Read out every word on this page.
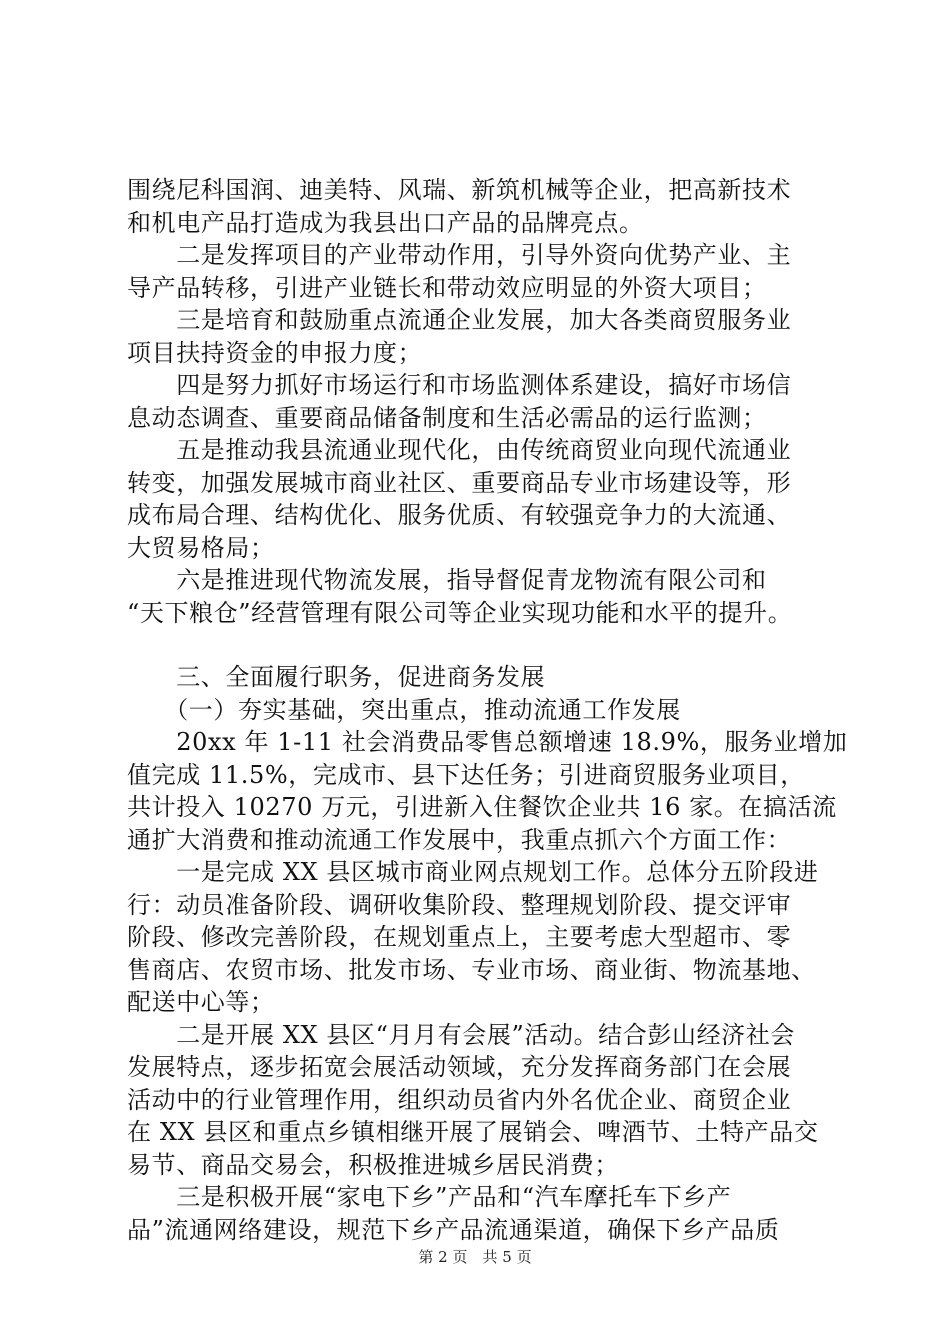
围绕尼科国润、迪美特、风瑞、新筑机械等企业，把高新技术
和机电产品打造成为我县出口产品的品牌亮点。
　　二是发挥项目的产业带动作用，引导外资向优势产业、主
导产品转移，引进产业链长和带动效应明显的外资大项目；
　　三是培育和鼓励重点流通企业发展，加大各类商贸服务业
项目扶持资金的申报力度；
　　四是努力抓好市场运行和市场监测体系建设，搞好市场信
息动态调查、重要商品储备制度和生活必需品的运行监测；
　　五是推动我县流通业现代化，由传统商贸业向现代流通业
转变，加强发展城市商业社区、重要商品专业市场建设等，形
成布局合理、结构优化、服务优质、有较强竞争力的大流通、
大贸易格局；
　　六是推进现代物流发展，指导督促青龙物流有限公司和
“天下粮仓”经营管理有限公司等企业实现功能和水平的提升。
　　三、全面履行职务，促进商务发展
　　（一）夯实基础，突出重点，推动流通工作发展
　　20xx 年 1-11 社会消费品零售总额增速 18.9%，服务业增加
值完成 11.5%，完成市、县下达任务；引进商贸服务业项目，
共计投入 10270 万元，引进新入住餐饮企业共 16 家。在搞活流
通扩大消费和推动流通工作发展中，我重点抓六个方面工作：
　　一是完成 XX 县区城市商业网点规划工作。总体分五阶段进
行：动员准备阶段、调研收集阶段、整理规划阶段、提交评审
阶段、修改完善阶段，在规划重点上，主要考虑大型超市、零
售商店、农贸市场、批发市场、专业市场、商业街、物流基地、
配送中心等；
　　二是开展 XX 县区“月月有会展”活动。结合彭山经济社会
发展特点，逐步拓宽会展活动领域，充分发挥商务部门在会展
活动中的行业管理作用，组织动员省内外名优企业、商贸企业
在 XX 县区和重点乡镇相继开展了展销会、啤酒节、土特产品交
易节、商品交易会，积极推进城乡居民消费；
　　三是积极开展“家电下乡”产品和“汽车摩托车下乡产
品”流通网络建设，规范下乡产品流通渠道，确保下乡产品质
第 2 页　共 5 页
